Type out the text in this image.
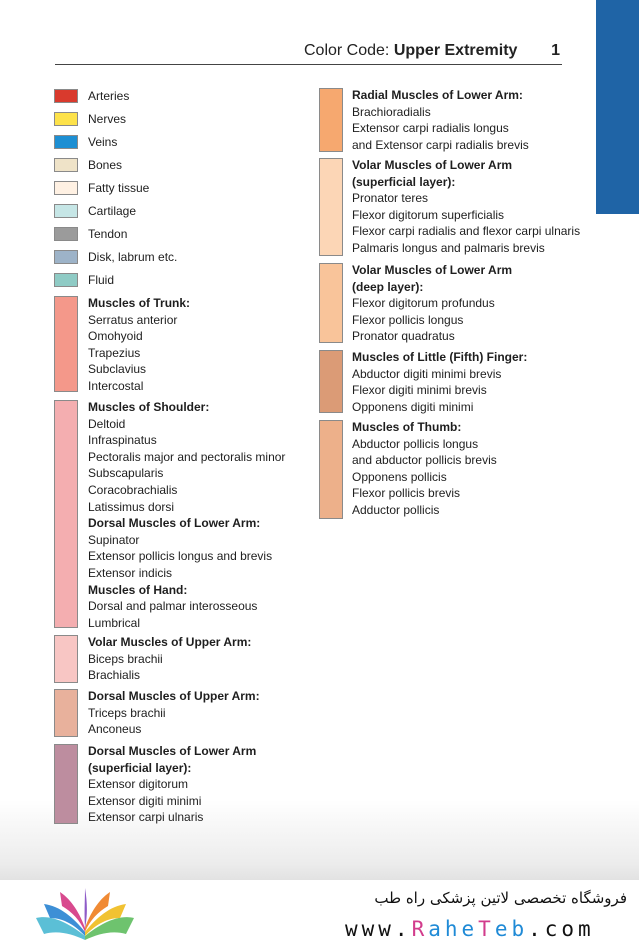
Color Code: Upper Extremity 1
Arteries
Nerves
Veins
Bones
Fatty tissue
Cartilage
Tendon
Disk, labrum etc.
Fluid
Muscles of Trunk:
Serratus anterior
Omohyoid
Trapezius
Subclavius
Intercostal
Muscles of Shoulder:
Deltoid
Infraspinatus
Pectoralis major and pectoralis minor
Subscapularis
Coracobrachialis
Latissimus dorsi
Dorsal Muscles of Lower Arm:
Supinator
Extensor pollicis longus and brevis
Extensor indicis
Muscles of Hand:
Dorsal and palmar interosseous
Lumbrical
Volar Muscles of Upper Arm:
Biceps brachii
Brachialis
Dorsal Muscles of Upper Arm:
Triceps brachii
Anconeus
Dorsal Muscles of Lower Arm
(superficial layer):
Extensor digitorum
Extensor digiti minimi
Extensor carpi ulnaris
Radial Muscles of Lower Arm:
Brachioradialis
Extensor carpi radialis longus
and Extensor carpi radialis brevis
Volar Muscles of Lower Arm
(superficial layer):
Pronator teres
Flexor digitorum superficialis
Flexor carpi radialis and flexor carpi ulnaris
Palmaris longus and palmaris brevis
Volar Muscles of Lower Arm
(deep layer):
Flexor digitorum profundus
Flexor pollicis longus
Pronator quadratus
Muscles of Little (Fifth) Finger:
Abductor digiti minimi brevis
Flexor digiti minimi brevis
Opponens digiti minimi
Muscles of Thumb:
Abductor pollicis longus
and abductor pollicis brevis
Opponens pollicis
Flexor pollicis brevis
Adductor pollicis
فروشگاه تخصصی لاتین پزشکی راه طب
www.RaheTeb.com
